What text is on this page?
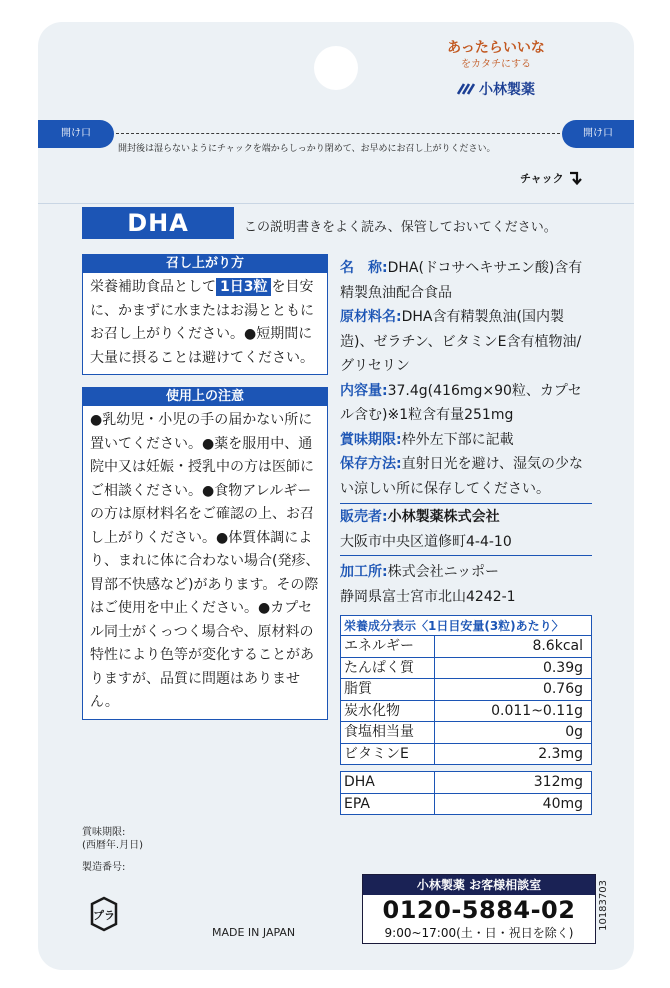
あったらいいな
をカタチにする
小林製薬
開け口	開け口
開封後は湿らないようにチャックを端からしっかり閉めて、お早めにお召し上がりください。
チャック
DHA	この説明書きをよく読み、保管しておいてください。
召し上がり方
栄養補助食品として 1日3粒 を目安に、かまずに水またはお湯とともにお召し上がりください。●短期間に大量に摂ることは避けてください。
使用上の注意
●乳幼児・小児の手の届かない所に置いてください。●薬を服用中、通院中又は妊娠・授乳中の方は医師にご相談ください。●食物アレルギーの方は原材料名をご確認の上、お召し上がりください。●体質体調により、まれに体に合わない場合(発疹、胃部不快感など)があります。その際はご使用を中止ください。●カプセル同士がくっつく場合や、原材料の特性により色等が変化することがありますが、品質に問題はありません。
名　称:DHA(ドコサヘキサエン酸)含有精製魚油配合食品
原材料名:DHA含有精製魚油(国内製造)、ゼラチン、ビタミンE含有植物油/グリセリン
内容量:37.4g(416mg×90粒、カプセル含む)※1粒含有量251mg
賞味期限:枠外左下部に記載
保存方法:直射日光を避け、湿気の少ない涼しい所に保存してください。
販売者:小林製薬株式会社
大阪市中央区道修町4-4-10
加工所:株式会社ニッポー
静岡県富士宮市北山4242-1
栄養成分表示〈1日目安量(3粒)あたり〉
エネルギー	8.6kcal
たんぱく質	0.39g
脂質	0.76g
炭水化物	0.011~0.11g
食塩相当量	0g
ビタミンE	2.3mg
DHA	312mg
EPA	40mg
賞味期限:
(西暦年.月日)
製造番号:
プラ
MADE IN JAPAN
小林製薬 お客様相談室
0120-5884-02
9:00~17:00(土・日・祝日を除く)
10183703
